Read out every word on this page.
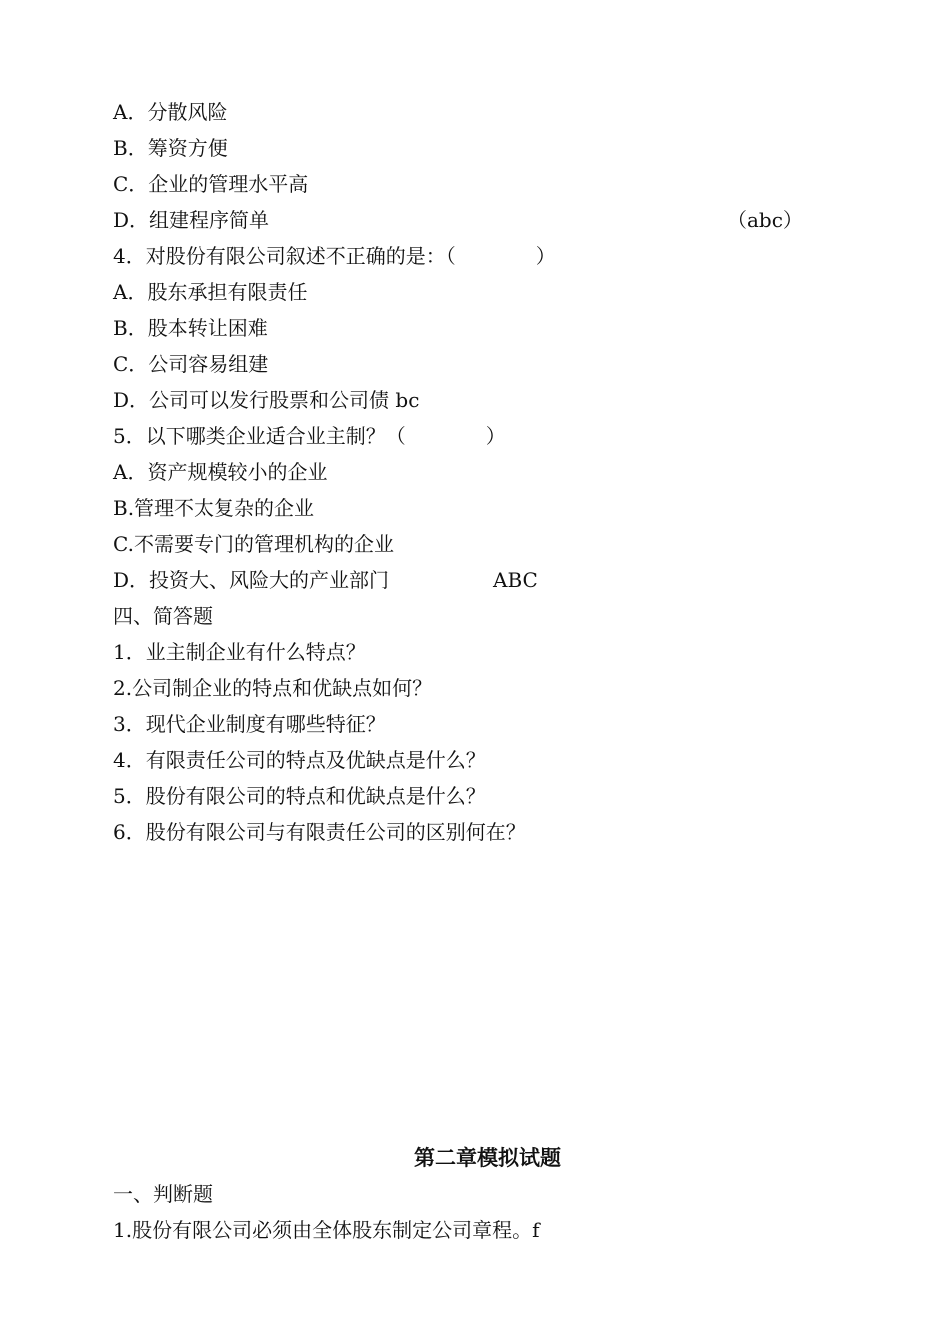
A．分散风险
B．筹资方便
C．企业的管理水平高
D．组建程序简单	（abc）
4．对股份有限公司叙述不正确的是：（　　　　）
A．股东承担有限责任
B．股本转让困难
C．公司容易组建
D．公司可以发行股票和公司债 bc
5．以下哪类企业适合业主制？（　　　　）
A．资产规模较小的企业
B.管理不太复杂的企业
C.不需要专门的管理机构的企业
D．投资大、风险大的产业部门	ABC
四、简答题
1．业主制企业有什么特点？
2.公司制企业的特点和优缺点如何？
3．现代企业制度有哪些特征？
4．有限责任公司的特点及优缺点是什么？
5．股份有限公司的特点和优缺点是什么？
6．股份有限公司与有限责任公司的区别何在？
第二章模拟试题
一、判断题
1.股份有限公司必须由全体股东制定公司章程。f
